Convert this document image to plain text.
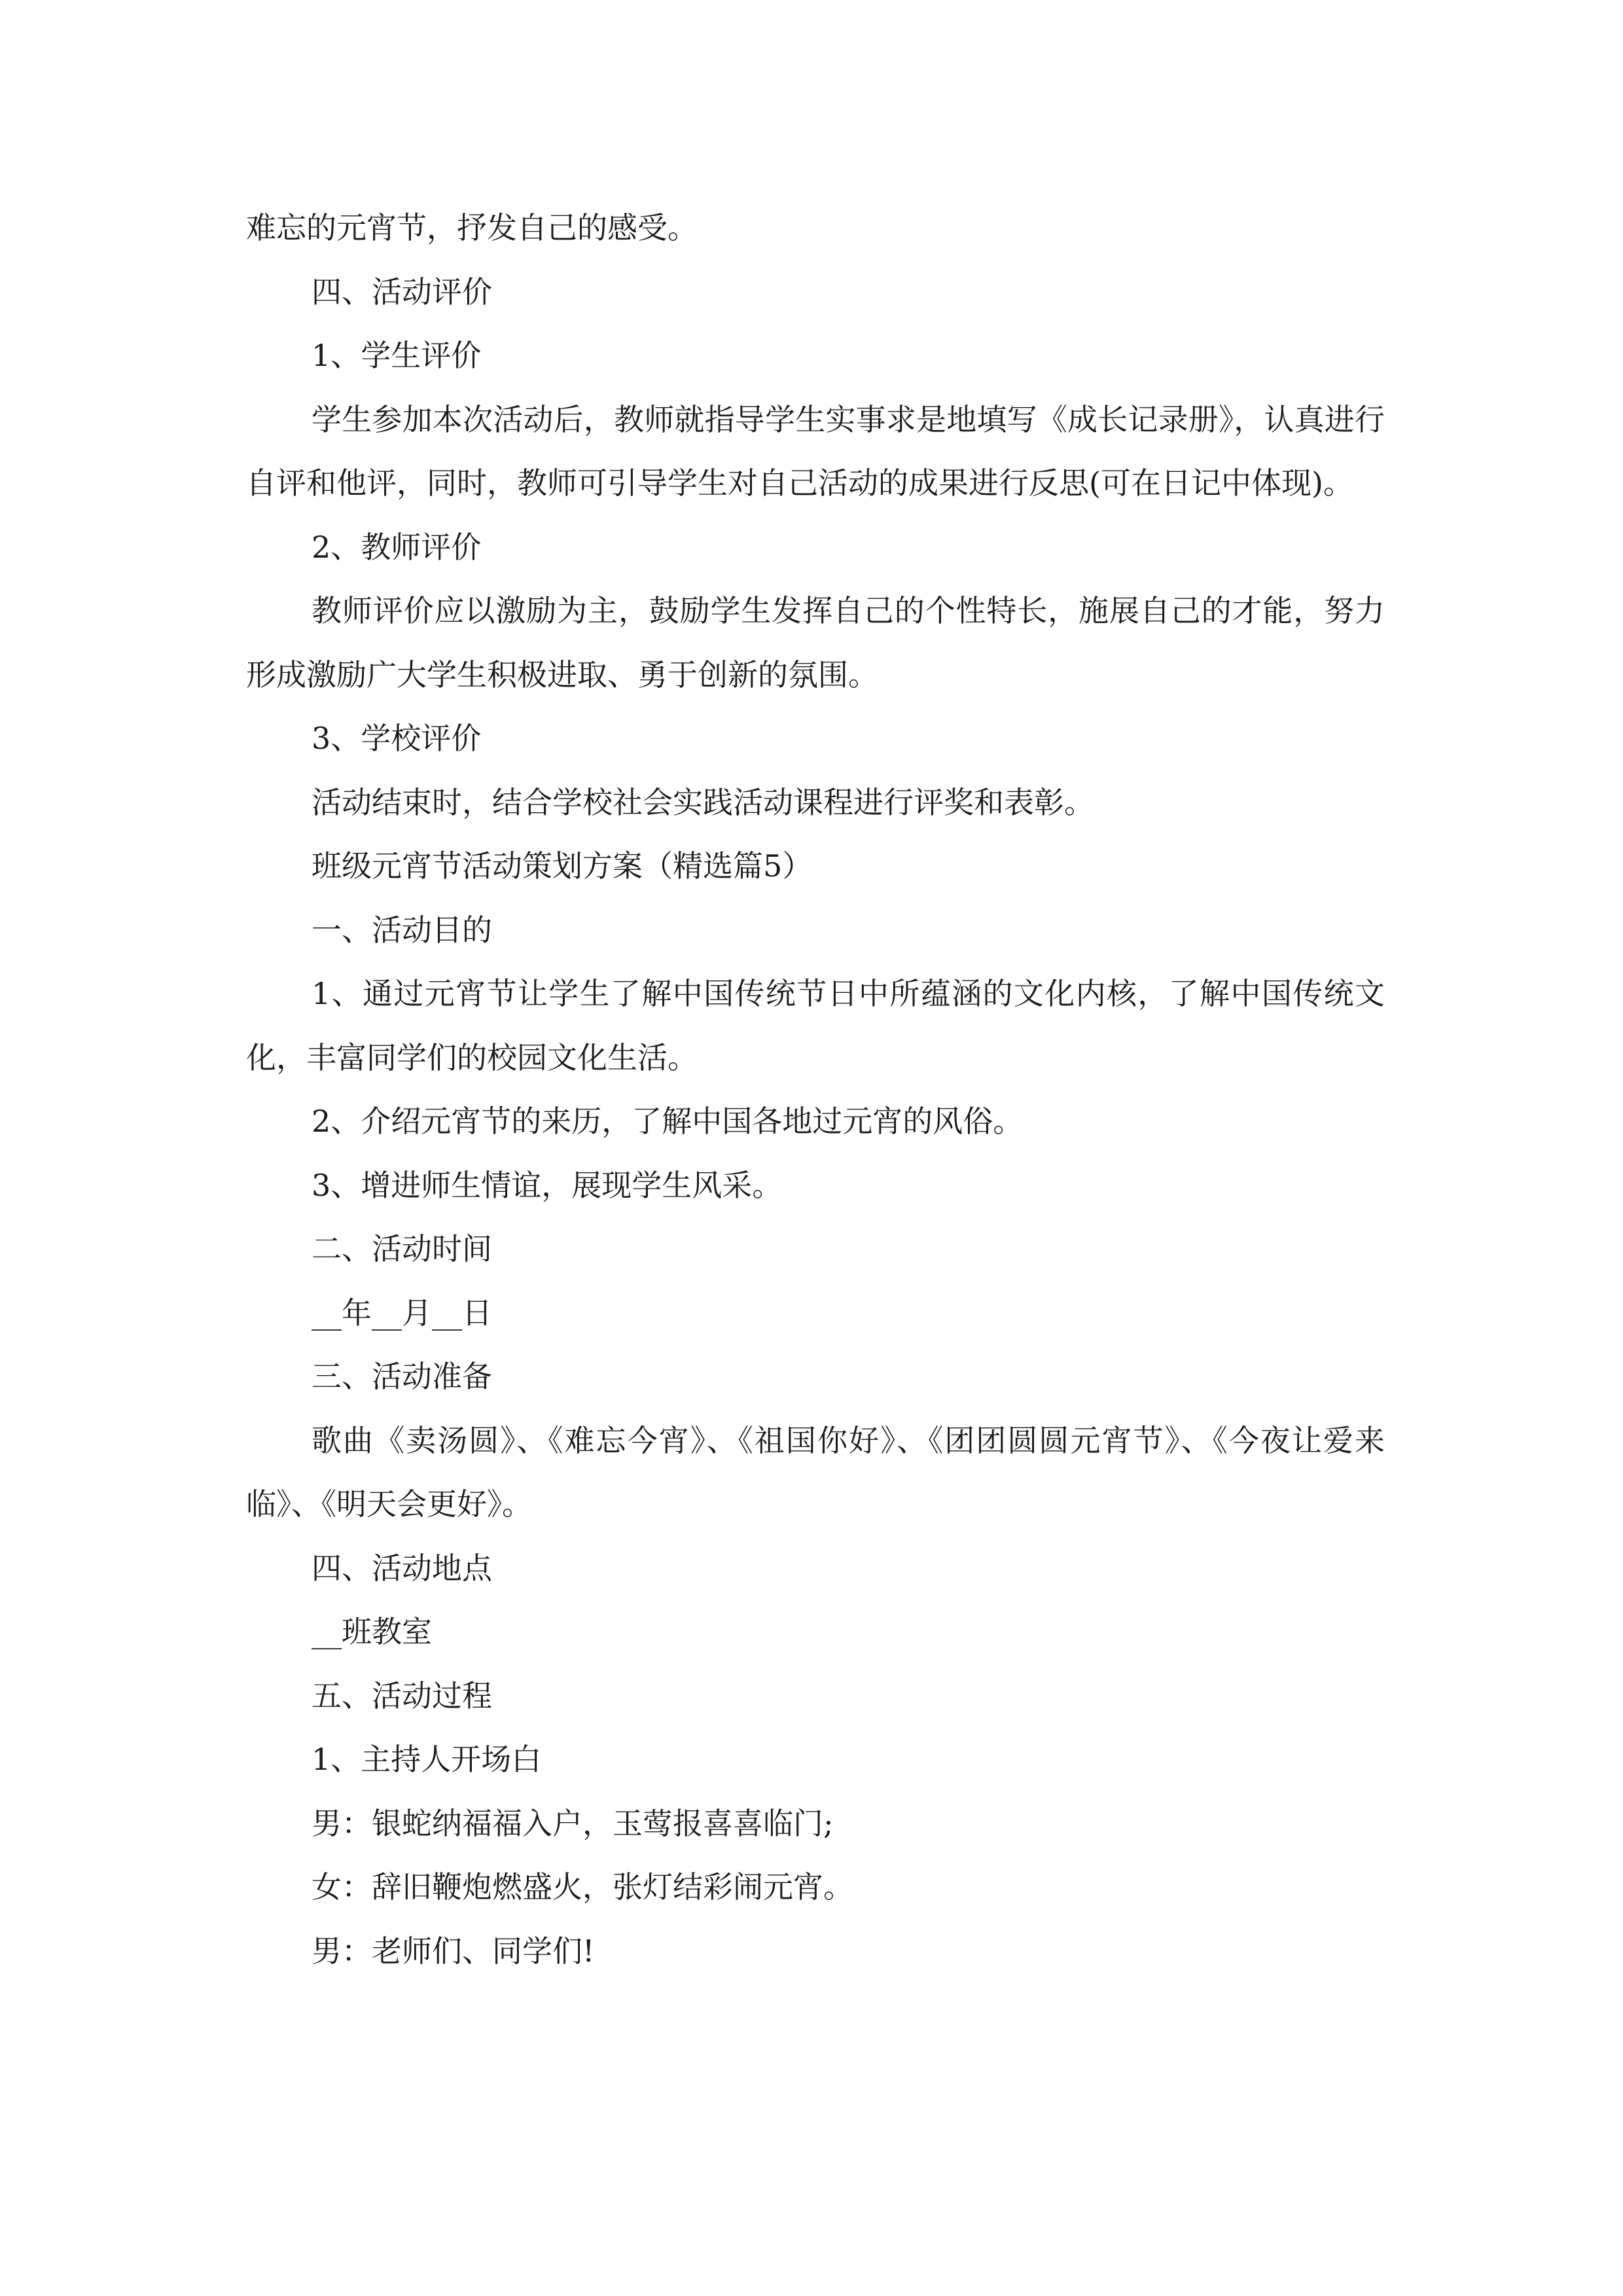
难忘的元宵节，抒发自己的感受。

四、活动评价

1、学生评价

学生参加本次活动后，教师就指导学生实事求是地填写《成长记录册》，认真进行自评和他评，同时，教师可引导学生对自己活动的成果进行反思(可在日记中体现)。

2、教师评价

教师评价应以激励为主，鼓励学生发挥自己的个性特长，施展自己的才能，努力形成激励广大学生积极进取、勇于创新的氛围。

3、学校评价

活动结束时，结合学校社会实践活动课程进行评奖和表彰。

班级元宵节活动策划方案（精选篇5）

一、活动目的

1、通过元宵节让学生了解中国传统节日中所蕴涵的文化内核，了解中国传统文化，丰富同学们的校园文化生活。

2、介绍元宵节的来历，了解中国各地过元宵的风俗。

3、增进师生情谊，展现学生风采。

二、活动时间

__年__月__日

三、活动准备

歌曲《卖汤圆》、《难忘今宵》、《祖国你好》、《团团圆圆元宵节》、《今夜让爱来临》、《明天会更好》。

四、活动地点

__班教室

五、活动过程

1、主持人开场白

男：银蛇纳福福入户，玉莺报喜喜临门;

女：辞旧鞭炮燃盛火，张灯结彩闹元宵。

男：老师们、同学们!
